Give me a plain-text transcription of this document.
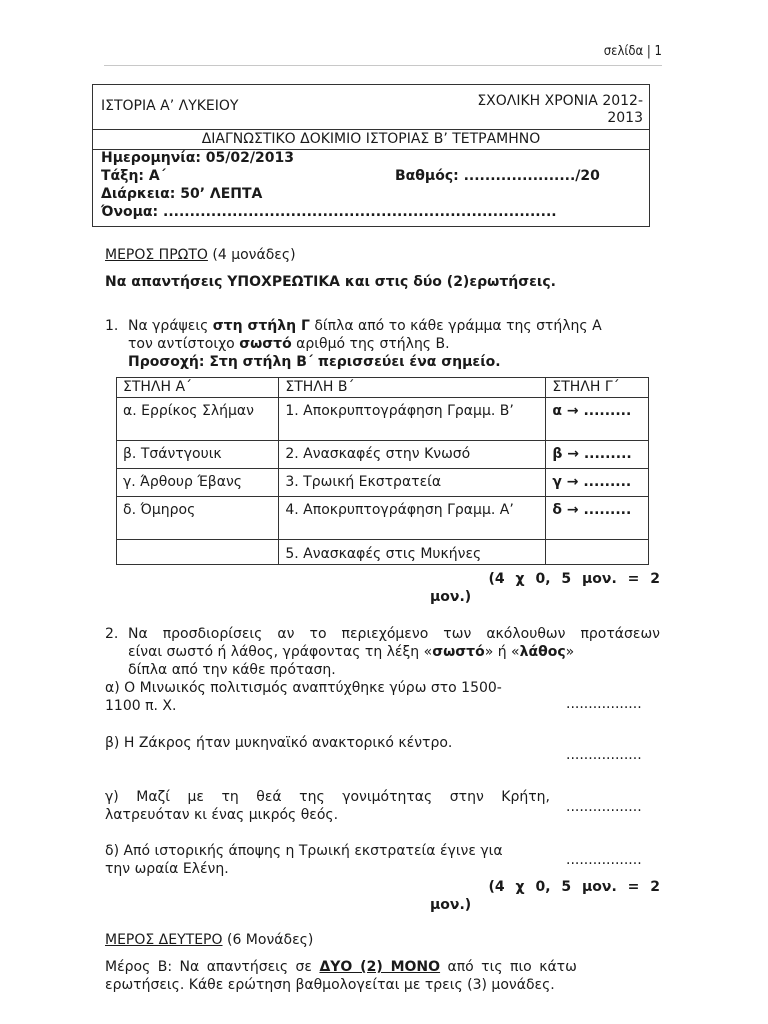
σελίδα | 1
ΙΣΤΟΡΙΑ Α’ ΛΥΚΕΙΟΥ	ΣΧΟΛΙΚΗ ΧΡΟΝΙΑ 2012-
2013
ΔΙΑΓΝΩΣΤΙΚΟ ΔΟΚΙΜΙΟ ΙΣΤΟΡΙΑΣ Β’ ΤΕΤΡΑΜΗΝΟ
Ημερομηνία: 05/02/2013
Τάξη: Α΄
Διάρκεια: 50’ ΛΕΠΤΑ
Όνομα: ..........................................................................
Βαθμός: ...................../20
ΜΕΡΟΣ ΠΡΩΤΟ (4 μονάδες)
Να απαντήσεις ΥΠΟΧΡΕΩΤΙΚΑ και στις δύο (2)ερωτήσεις.
1. Να γράψεις στη στήλη Γ δίπλα από το κάθε γράμμα της στήλης Α
τον αντίστοιχο σωστό αριθμό της στήλης Β.
Προσοχή: Στη στήλη Β΄ περισσεύει ένα σημείο.
ΣΤΗΛΗ Α΄	ΣΤΗΛΗ Β΄	ΣΤΗΛΗ Γ΄
α. Ερρίκος Σλήμαν	1. Αποκρυπτογράφηση Γραμμ. Β’	α → .........
β. Τσάντγουικ	2. Ανασκαφές στην Κνωσό	β → .........
γ. Άρθουρ Έβανς	3. Τρωική Εκστρατεία	γ → .........
δ. Όμηρος	4. Αποκρυπτογράφηση Γραμμ. Α’	δ → .........
	5. Ανασκαφές στις Μυκήνες	
(4 χ 0, 5 μον. = 2
μον.)
2. Να προσδιορίσεις αν το περιεχόμενο των ακόλουθων προτάσεων
είναι σωστό ή λάθος, γράφοντας τη λέξη «σωστό» ή «λάθος»
δίπλα από την κάθε πρόταση.
α) Ο Μινωικός πολιτισμός αναπτύχθηκε γύρω στο 1500-
1100 π. Χ.	.................
β) Η Ζάκρος ήταν μυκηναϊκό ανακτορικό κέντρο.
.................
γ) Μαζί με τη θεά της γονιμότητας στην Κρήτη,
λατρευόταν κι ένας μικρός θεός.	.................
δ) Από ιστορικής άποψης η Τρωική εκστρατεία έγινε για
την ωραία Ελένη.
.................
(4 χ 0, 5 μον. = 2
μον.)
ΜΕΡΟΣ ΔΕΥΤΕΡΟ (6 Μονάδες)
Μέρος Β: Να απαντήσεις σε ΔΥΟ (2) ΜΟΝΟ από τις πιο κάτω
ερωτήσεις. Κάθε ερώτηση βαθμολογείται με τρεις (3) μονάδες.
